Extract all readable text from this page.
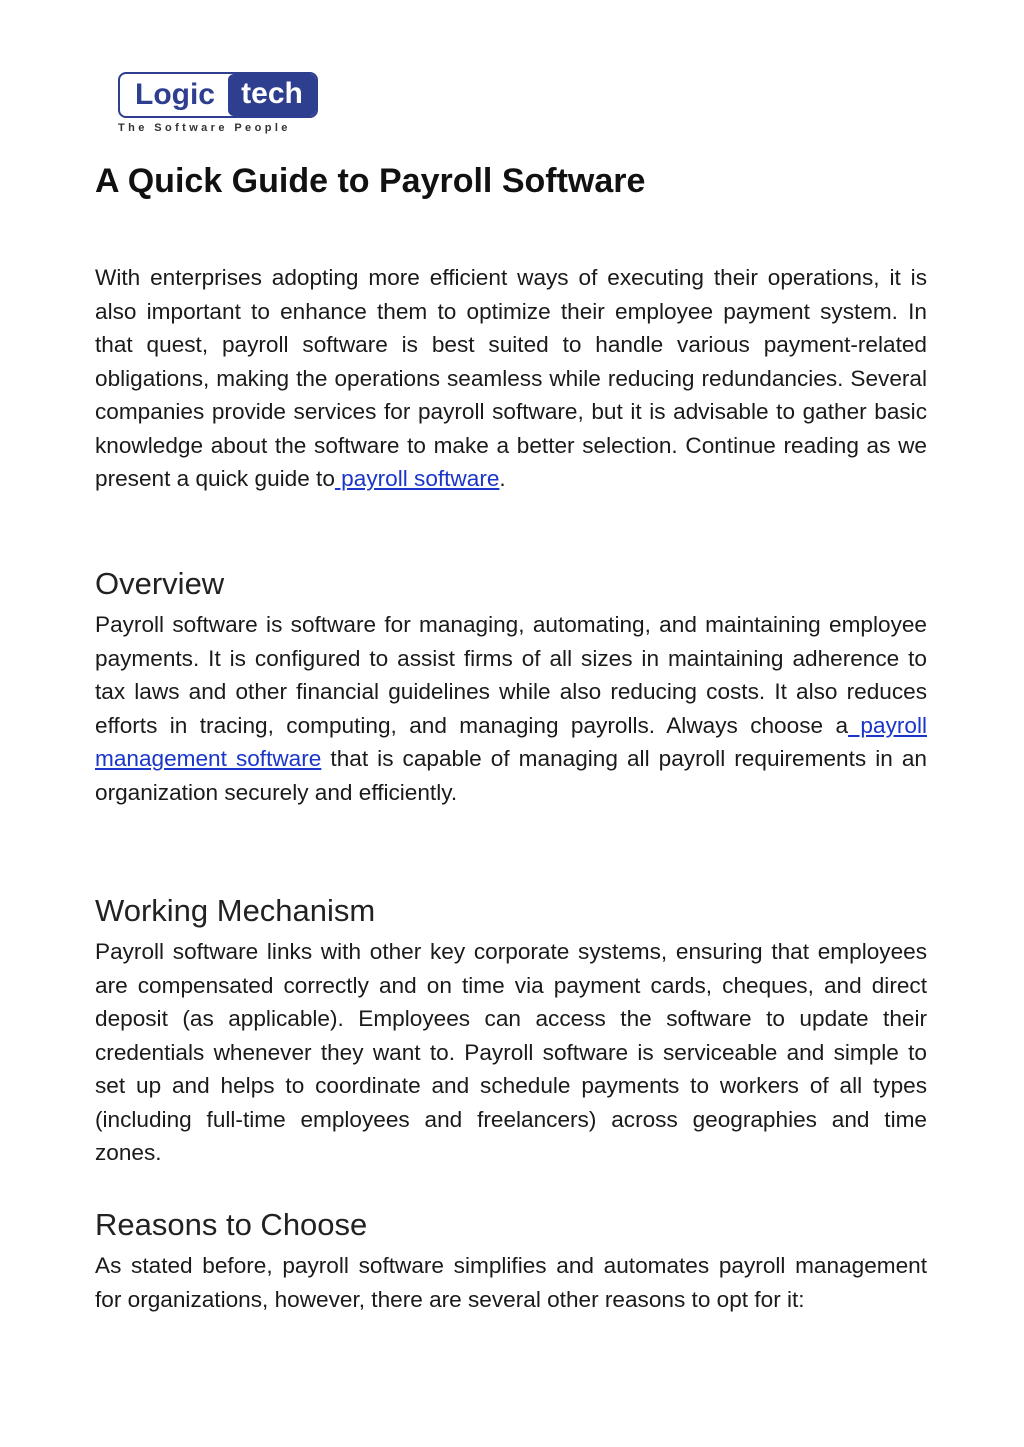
Logic tech
The Software People
A Quick Guide to Payroll Software

With enterprises adopting more efficient ways of executing their operations, it is also important to enhance them to optimize their employee payment system. In that quest, payroll software is best suited to handle various payment-related obligations, making the operations seamless while reducing redundancies. Several companies provide services for payroll software, but it is advisable to gather basic knowledge about the software to make a better selection. Continue reading as we present a quick guide to payroll software.

Overview

Payroll software is software for managing, automating, and maintaining employee payments. It is configured to assist firms of all sizes in maintaining adherence to tax laws and other financial guidelines while also reducing costs. It also reduces efforts in tracing, computing, and managing payrolls. Always choose a payroll management software that is capable of managing all payroll requirements in an organization securely and efficiently.

Working Mechanism

Payroll software links with other key corporate systems, ensuring that employees are compensated correctly and on time via payment cards, cheques, and direct deposit (as applicable). Employees can access the software to update their credentials whenever they want to. Payroll software is serviceable and simple to set up and helps to coordinate and schedule payments to workers of all types (including full-time employees and freelancers) across geographies and time zones.

Reasons to Choose

As stated before, payroll software simplifies and automates payroll management for organizations, however, there are several other reasons to opt for it:
